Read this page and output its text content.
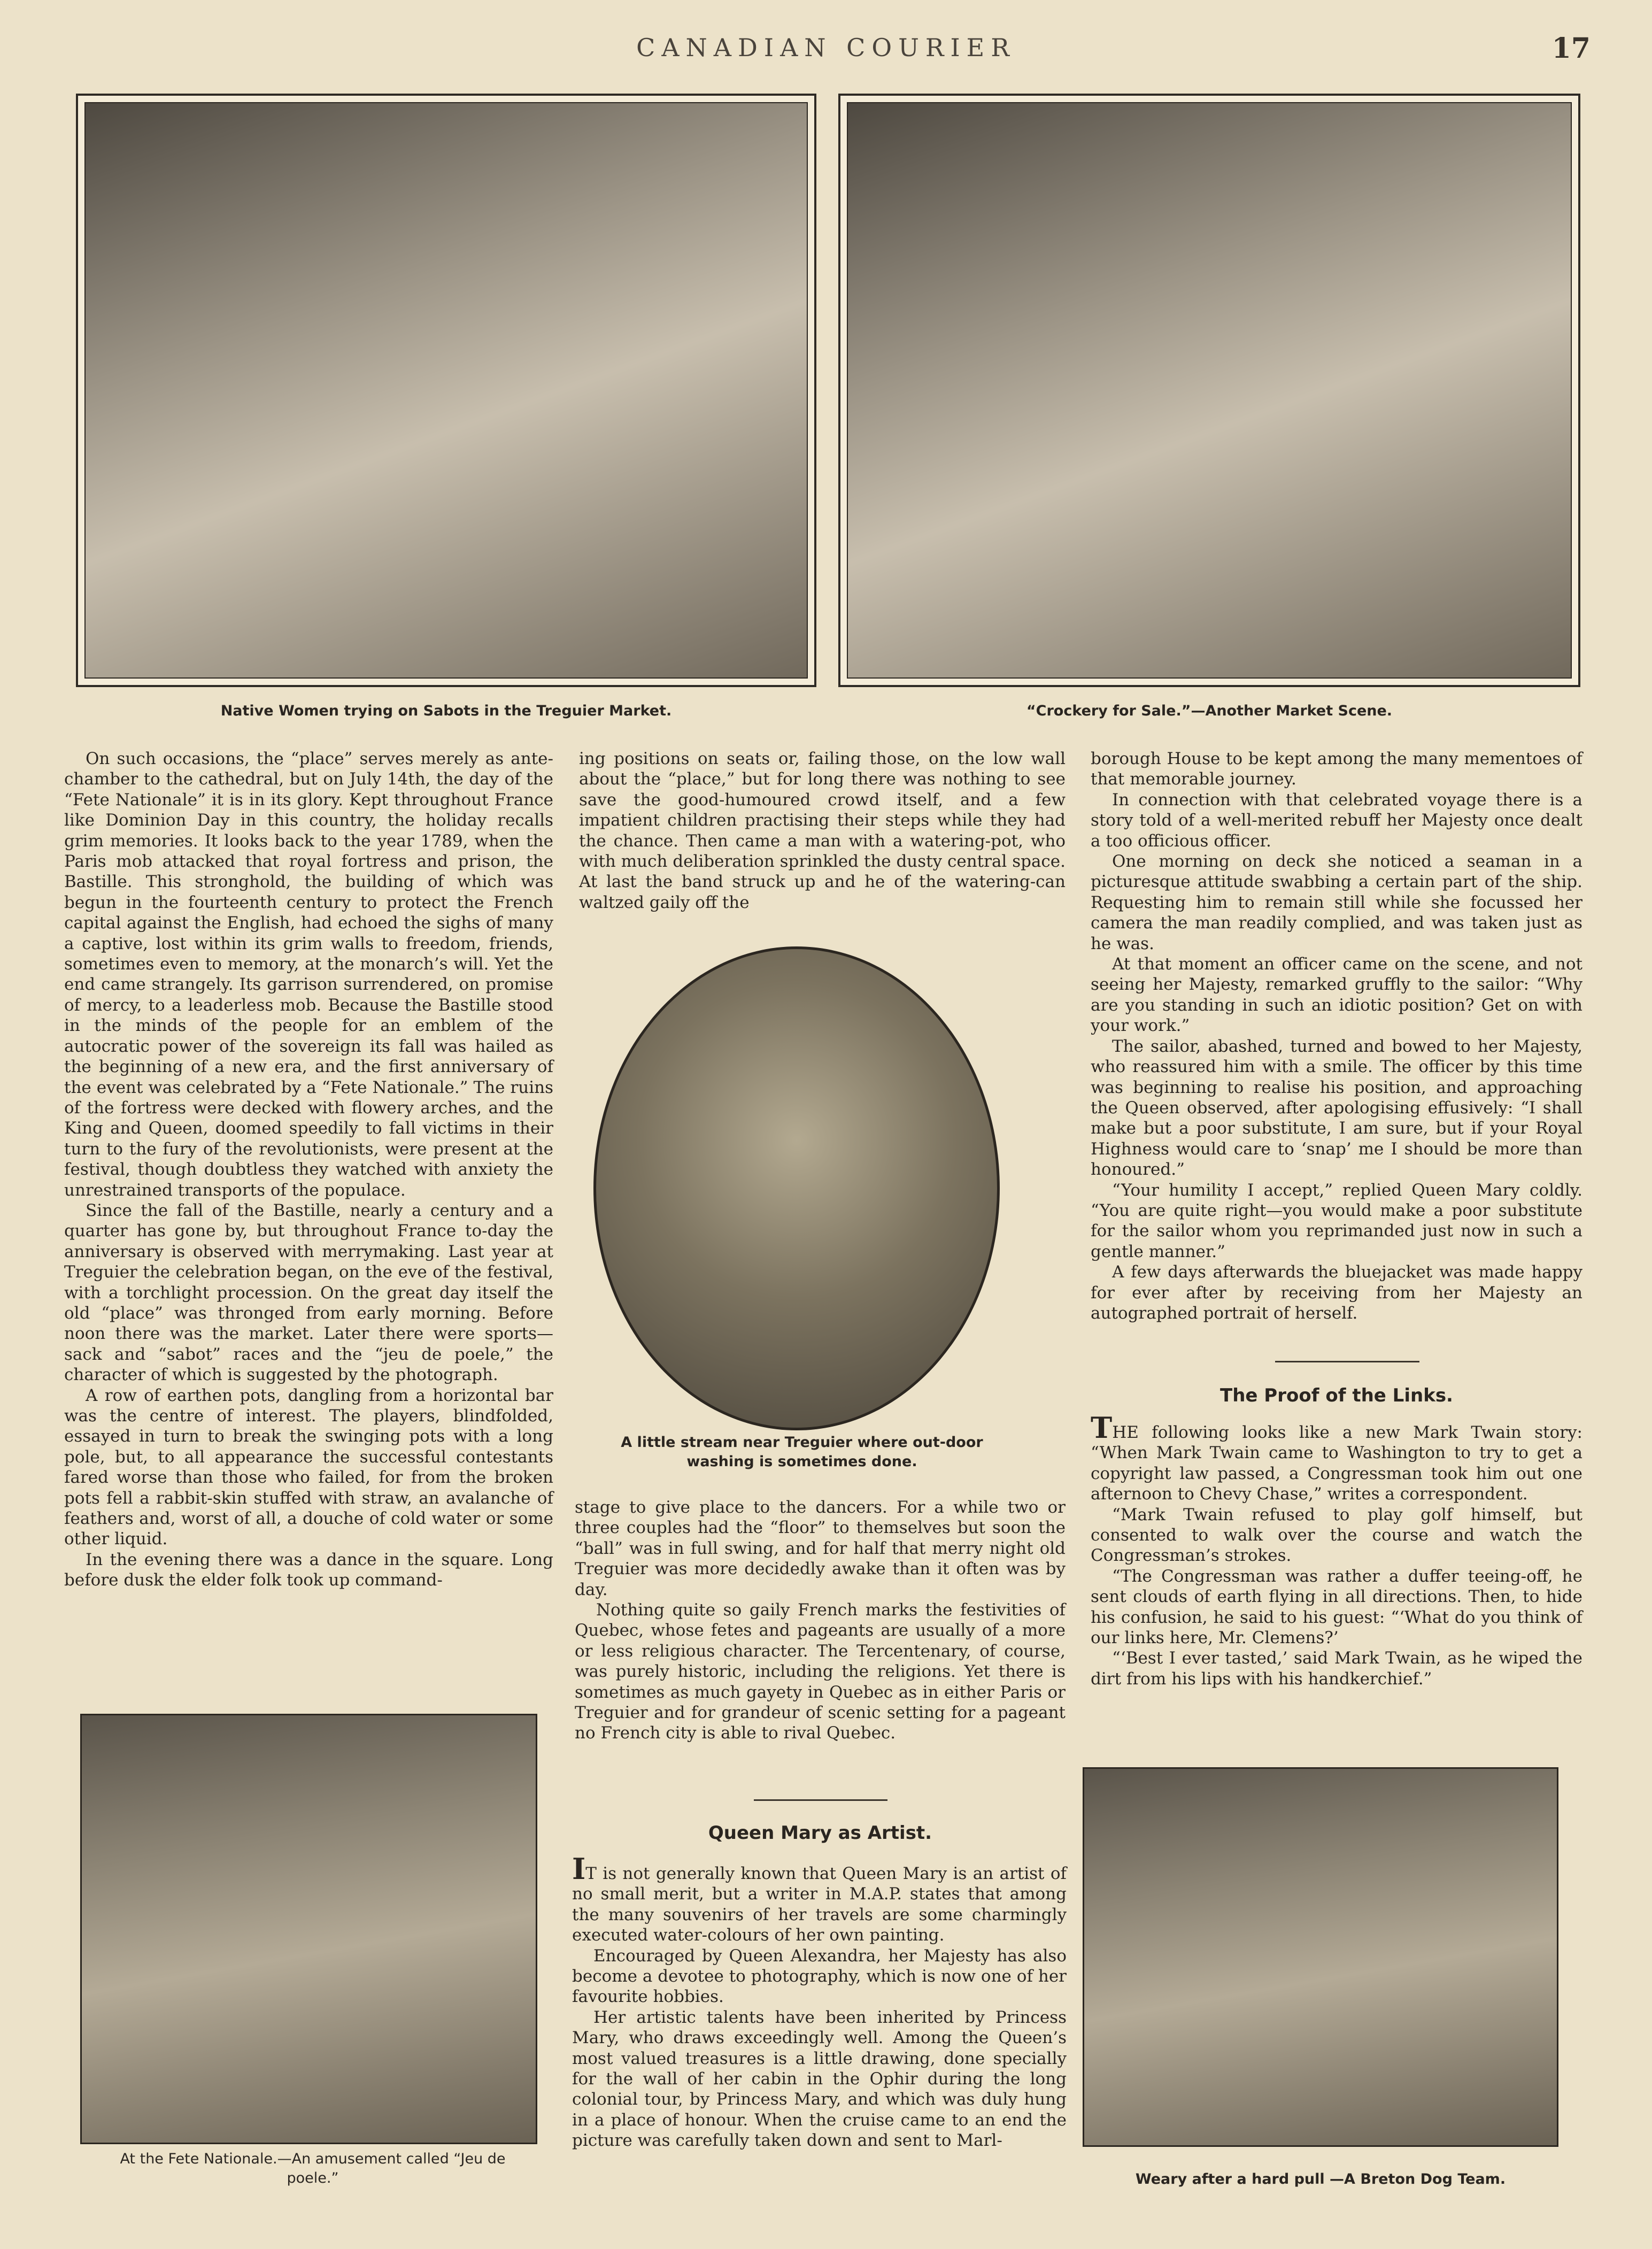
CANADIAN COURIER	17
Native Women trying on Sabots in the Treguier Market.	“Crockery for Sale.”—Another Market Scene.

On such occasions, the “place” serves merely as ante-chamber to the cathedral, but on July 14th, the day of the “Fete Nationale” it is in its glory. Kept throughout France like Dominion Day in this country, the holiday recalls grim memories. It looks back to the year 1789, when the Paris mob attacked that royal fortress and prison, the Bastille. This stronghold, the building of which was begun in the fourteenth century to protect the French capital against the English, had echoed the sighs of many a captive, lost within its grim walls to freedom, friends, sometimes even to memory, at the monarch’s will. Yet the end came strangely. Its garrison surrendered, on promise of mercy, to a leaderless mob. Because the Bastille stood in the minds of the people for an emblem of the autocratic power of the sovereign its fall was hailed as the beginning of a new era, and the first anniversary of the event was celebrated by a “Fete Nationale.” The ruins of the fortress were decked with flowery arches, and the King and Queen, doomed speedily to fall victims in their turn to the fury of the revolutionists, were present at the festival, though doubtless they watched with anxiety the unrestrained transports of the populace.

Since the fall of the Bastille, nearly a century and a quarter has gone by, but throughout France to-day the anniversary is observed with merrymaking. Last year at Treguier the celebration began, on the eve of the festival, with a torchlight procession. On the great day itself the old “place” was thronged from early morning. Before noon there was the market. Later there were sports—sack and “sabot” races and the “jeu de poele,” the character of which is suggested by the photograph.

A row of earthen pots, dangling from a horizontal bar was the centre of interest. The players, blindfolded, essayed in turn to break the swinging pots with a long pole, but, to all appearance the successful contestants fared worse than those who failed, for from the broken pots fell a rabbit-skin stuffed with straw, an avalanche of feathers and, worst of all, a douche of cold water or some other liquid.

In the evening there was a dance in the square. Long before dusk the elder folk took up command-

ing positions on seats or, failing those, on the low wall about the “place,” but for long there was nothing to see save the good-humoured crowd itself, and a few impatient children practising their steps while they had the chance. Then came a man with a watering-pot, who with much deliberation sprinkled the dusty central space. At last the band struck up and he of the watering-can waltzed gaily off the

A little stream near Treguier where out-door washing is sometimes done.

stage to give place to the dancers. For a while two or three couples had the “floor” to themselves but soon the “ball” was in full swing, and for half that merry night old Treguier was more decidedly awake than it often was by day.

Nothing quite so gaily French marks the festivities of Quebec, whose fetes and pageants are usually of a more or less religious character. The Tercentenary, of course, was purely historic, including the religions. Yet there is sometimes as much gayety in Quebec as in either Paris or Treguier and for grandeur of scenic setting for a pageant no French city is able to rival Quebec.

Queen Mary as Artist.

IT is not generally known that Queen Mary is an artist of no small merit, but a writer in M.A.P. states that among the many souvenirs of her travels are some charmingly executed water-colours of her own painting.

Encouraged by Queen Alexandra, her Majesty has also become a devotee to photography, which is now one of her favourite hobbies.

Her artistic talents have been inherited by Princess Mary, who draws exceedingly well. Among the Queen’s most valued treasures is a little drawing, done specially for the wall of her cabin in the Ophir during the long colonial tour, by Princess Mary, and which was duly hung in a place of honour. When the cruise came to an end the picture was carefully taken down and sent to Marl-

borough House to be kept among the many mementoes of that memorable journey.

In connection with that celebrated voyage there is a story told of a well-merited rebuff her Majesty once dealt a too officious officer.

One morning on deck she noticed a seaman in a picturesque attitude swabbing a certain part of the ship. Requesting him to remain still while she focussed her camera the man readily complied, and was taken just as he was.

At that moment an officer came on the scene, and not seeing her Majesty, remarked gruffly to the sailor: “Why are you standing in such an idiotic position? Get on with your work.”

The sailor, abashed, turned and bowed to her Majesty, who reassured him with a smile. The officer by this time was beginning to realise his position, and approaching the Queen observed, after apologising effusively: “I shall make but a poor substitute, I am sure, but if your Royal Highness would care to ‘snap’ me I should be more than honoured.”

“Your humility I accept,” replied Queen Mary coldly. “You are quite right—you would make a poor substitute for the sailor whom you reprimanded just now in such a gentle manner.”

A few days afterwards the bluejacket was made happy for ever after by receiving from her Majesty an autographed portrait of herself.

The Proof of the Links.

THE following looks like a new Mark Twain story: “When Mark Twain came to Washington to try to get a copyright law passed, a Congressman took him out one afternoon to Chevy Chase,” writes a correspondent.

“Mark Twain refused to play golf himself, but consented to walk over the course and watch the Congressman’s strokes.

“The Congressman was rather a duffer teeing-off, he sent clouds of earth flying in all directions. Then, to hide his confusion, he said to his guest: “‘What do you think of our links here, Mr. Clemens?’

“‘Best I ever tasted,’ said Mark Twain, as he wiped the dirt from his lips with his handkerchief.”

At the Fete Nationale.—An amusement called “Jeu de poele.”	Weary after a hard pull —A Breton Dog Team.
